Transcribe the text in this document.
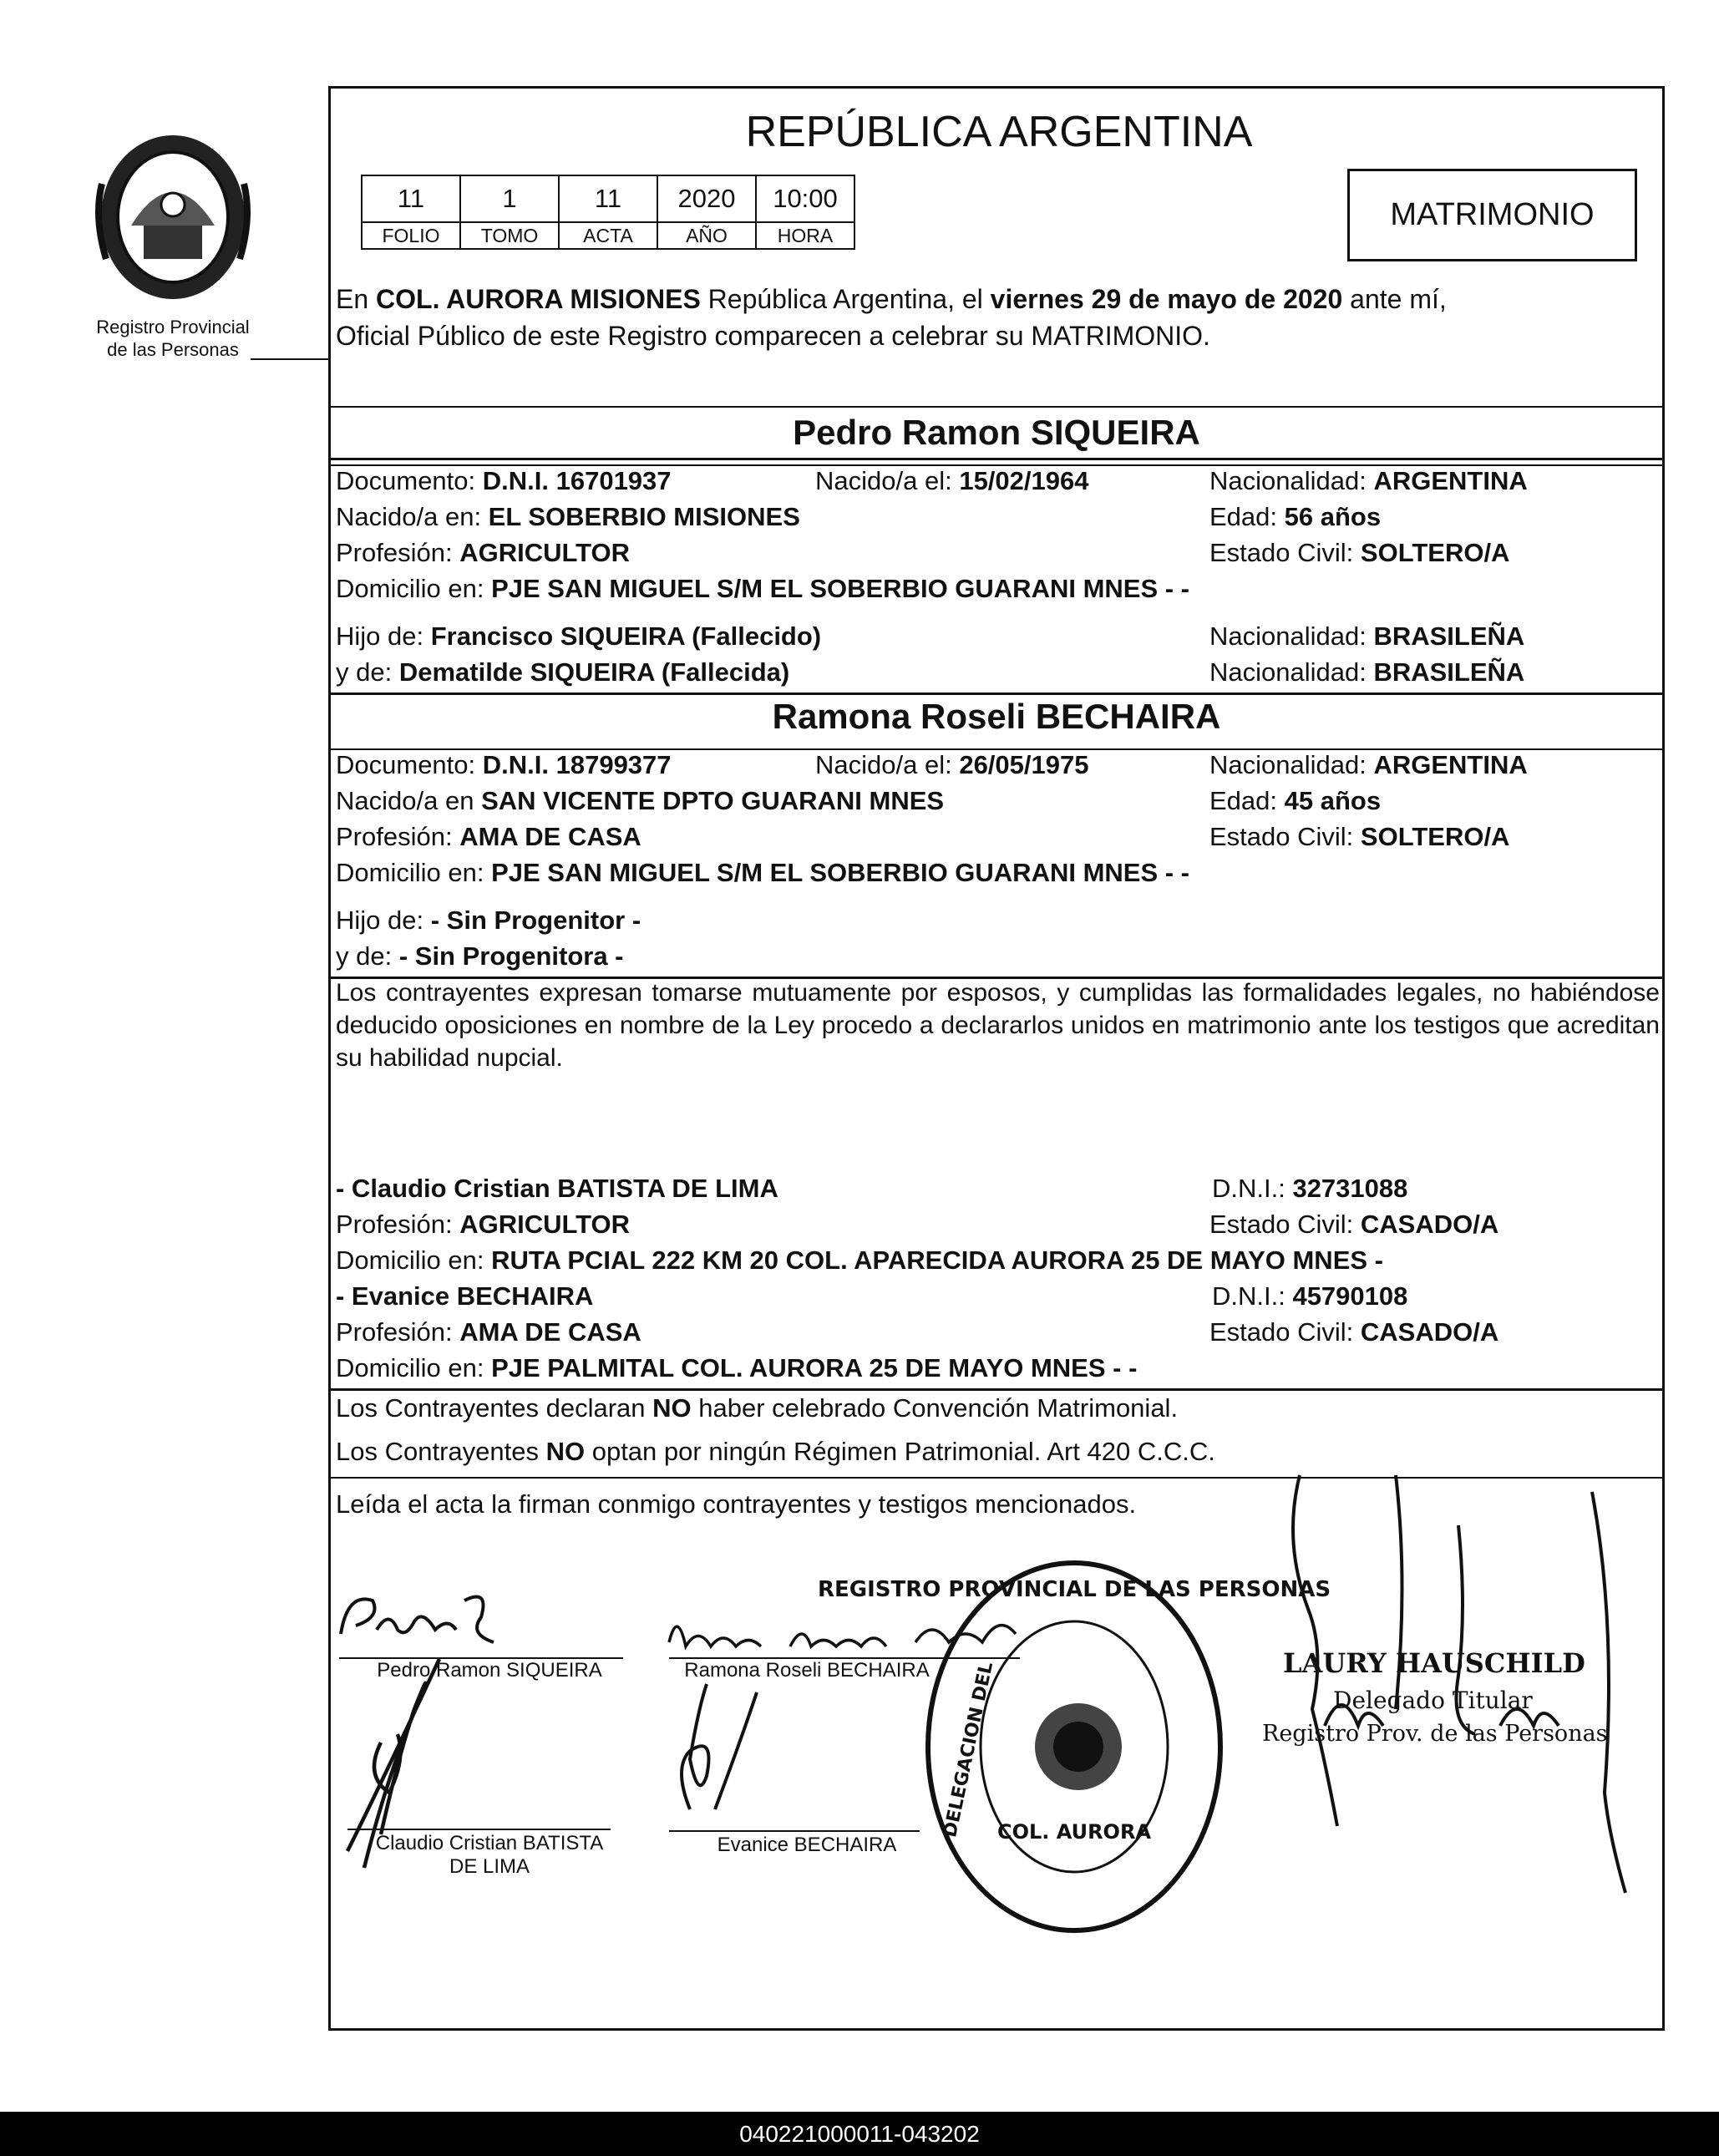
Registro Provincial
de las Personas
REPÚBLICA ARGENTINA
11	1	11	2020	10:00
FOLIO	TOMO	ACTA	AÑO	HORA
MATRIMONIO
En COL. AURORA MISIONES República Argentina, el viernes 29 de mayo de 2020 ante mí,
Oficial Público de este Registro comparecen a celebrar su MATRIMONIO.
Pedro Ramon SIQUEIRA
Documento: D.N.I. 16701937	Nacido/a el: 15/02/1964	Nacionalidad: ARGENTINA
Nacido/a en: EL SOBERBIO MISIONES	Edad: 56 años
Profesión: AGRICULTOR	Estado Civil: SOLTERO/A
Domicilio en: PJE SAN MIGUEL S/M EL SOBERBIO GUARANI MNES - -
Hijo de: Francisco SIQUEIRA (Fallecido)	Nacionalidad: BRASILEÑA
y de: Dematilde SIQUEIRA (Fallecida)	Nacionalidad: BRASILEÑA
Ramona Roseli BECHAIRA
Documento: D.N.I. 18799377	Nacido/a el: 26/05/1975	Nacionalidad: ARGENTINA
Nacido/a en SAN VICENTE DPTO GUARANI MNES	Edad: 45 años
Profesión: AMA DE CASA	Estado Civil: SOLTERO/A
Domicilio en: PJE SAN MIGUEL S/M EL SOBERBIO GUARANI MNES - -
Hijo de: - Sin Progenitor -
y de: - Sin Progenitora -
Los contrayentes expresan tomarse mutuamente por esposos, y cumplidas las formalidades legales, no habiéndose deducido oposiciones en nombre de la Ley procedo a declararlos unidos en matrimonio ante los testigos que acreditan su habilidad nupcial.
- Claudio Cristian BATISTA DE LIMA	D.N.I.: 32731088
Profesión: AGRICULTOR	Estado Civil: CASADO/A
Domicilio en: RUTA PCIAL 222 KM 20 COL. APARECIDA AURORA 25 DE MAYO MNES -
- Evanice BECHAIRA	D.N.I.: 45790108
Profesión: AMA DE CASA	Estado Civil: CASADO/A
Domicilio en: PJE PALMITAL COL. AURORA 25 DE MAYO MNES - -
Los Contrayentes declaran NO haber celebrado Convención Matrimonial.
Los Contrayentes NO optan por ningún Régimen Patrimonial. Art 420 C.C.C.
Leída el acta la firman conmigo contrayentes y testigos mencionados.
Pedro Ramon SIQUEIRA	Ramona Roseli BECHAIRA
Claudio Cristian BATISTA
DE LIMA
Evanice BECHAIRA
REGISTRO PROVINCIAL DE LAS PERSONAS
DELEGACION DEL COL. AURORA
LAURY HAUSCHILD
Delegado Titular
Registro Prov. de las Personas
040221000011-043202
